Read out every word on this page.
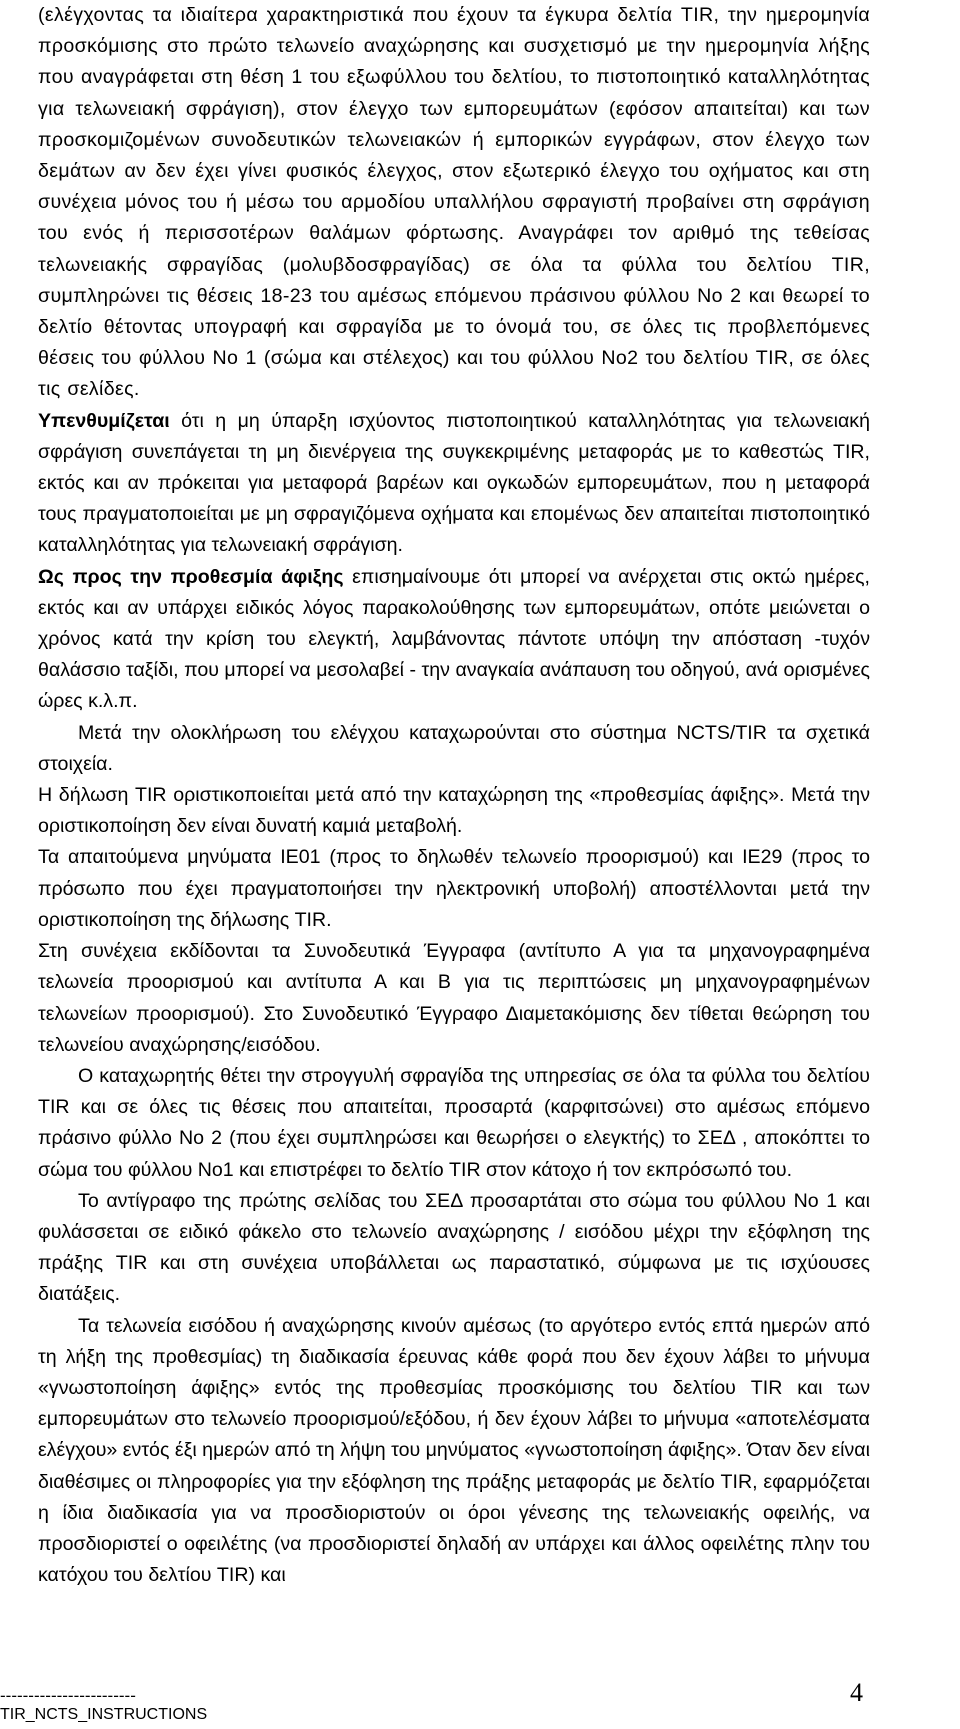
(ελέγχοντας τα ιδιαίτερα χαρακτηριστικά που έχουν τα έγκυρα δελτία TIR, την ημερομηνία προσκόμισης στο πρώτο τελωνείο αναχώρησης και συσχετισμό με την ημερομηνία λήξης που αναγράφεται στη θέση 1 του εξωφύλλου του δελτίου, το πιστοποιητικό καταλληλότητας για τελωνειακή σφράγιση), στον έλεγχο των εμπορευμάτων (εφόσον απαιτείται) και των προσκομιζομένων συνοδευτικών τελωνειακών ή εμπορικών εγγράφων, στον έλεγχο των δεμάτων αν δεν έχει γίνει φυσικός έλεγχος, στον εξωτερικό έλεγχο του οχήματος και στη συνέχεια μόνος του ή μέσω του αρμοδίου υπαλλήλου σφραγιστή προβαίνει στη σφράγιση του ενός ή περισσοτέρων θαλάμων φόρτωσης. Αναγράφει τον αριθμό της τεθείσας τελωνειακής σφραγίδας (μολυβδοσφραγίδας) σε όλα τα φύλλα του δελτίου TIR, συμπληρώνει τις θέσεις 18-23 του αμέσως επόμενου πράσινου φύλλου Νο 2 και θεωρεί το δελτίο θέτοντας υπογραφή και σφραγίδα με το όνομά του, σε όλες τις προβλεπόμενες θέσεις του φύλλου Νο 1 (σώμα και στέλεχος) και του φύλλου Νο2 του δελτίου TIR, σε όλες τις σελίδες.

Υπενθυμίζεται ότι η μη ύπαρξη ισχύοντος πιστοποιητικού καταλληλότητας για τελωνειακή σφράγιση συνεπάγεται τη μη διενέργεια της συγκεκριμένης μεταφοράς με το καθεστώς TIR, εκτός και αν πρόκειται για μεταφορά βαρέων και ογκωδών εμπορευμάτων, που η μεταφορά τους πραγματοποιείται με μη σφραγιζόμενα οχήματα και επομένως δεν απαιτείται πιστοποιητικό καταλληλότητας για τελωνειακή σφράγιση.

Ως προς την προθεσμία άφιξης επισημαίνουμε ότι μπορεί να ανέρχεται στις οκτώ ημέρες, εκτός και αν υπάρχει ειδικός λόγος παρακολούθησης των εμπορευμάτων, οπότε μειώνεται ο χρόνος κατά την κρίση του ελεγκτή, λαμβάνοντας πάντοτε υπόψη την απόσταση -τυχόν θαλάσσιο ταξίδι, που μπορεί να μεσολαβεί - την αναγκαία ανάπαυση του οδηγού, ανά ορισμένες ώρες κ.λ.π.

Μετά την ολοκλήρωση του ελέγχου καταχωρούνται στο σύστημα NCTS/TIR τα σχετικά στοιχεία.

Η δήλωση TIR οριστικοποιείται μετά από την καταχώρηση της «προθεσμίας άφιξης». Μετά την οριστικοποίηση δεν είναι δυνατή καμιά μεταβολή.

Τα απαιτούμενα μηνύματα IE01 (προς το δηλωθέν τελωνείο προορισμού) και IE29 (προς το πρόσωπο που έχει πραγματοποιήσει την ηλεκτρονική υποβολή) αποστέλλονται μετά την οριστικοποίηση της δήλωσης TIR.

Στη συνέχεια εκδίδονται τα Συνοδευτικά Έγγραφα (αντίτυπο Α για τα μηχανογραφημένα τελωνεία προορισμού και αντίτυπα Α και Β για τις περιπτώσεις μη μηχανογραφημένων τελωνείων προορισμού). Στο Συνοδευτικό Έγγραφο Διαμετακόμισης δεν τίθεται θεώρηση του τελωνείου αναχώρησης/εισόδου.

Ο καταχωρητής θέτει την στρογγυλή σφραγίδα της υπηρεσίας σε όλα τα φύλλα του δελτίου TIR και σε όλες τις θέσεις που απαιτείται, προσαρτά (καρφιτσώνει) στο αμέσως επόμενο πράσινο φύλλο Νο 2 (που έχει συμπληρώσει και θεωρήσει ο ελεγκτής) το ΣΕΔ , αποκόπτει το σώμα του φύλλου Νο1 και επιστρέφει το δελτίο TIR στον κάτοχο ή τον εκπρόσωπό του.

Το αντίγραφο της πρώτης σελίδας του ΣΕΔ προσαρτάται στο σώμα του φύλλου Νο 1 και φυλάσσεται σε ειδικό φάκελο στο τελωνείο αναχώρησης / εισόδου μέχρι την εξόφληση της πράξης TIR και στη συνέχεια υποβάλλεται ως παραστατικό, σύμφωνα με τις ισχύουσες διατάξεις.

Τα τελωνεία εισόδου ή αναχώρησης κινούν αμέσως (το αργότερο εντός επτά ημερών από τη λήξη της προθεσμίας) τη διαδικασία έρευνας κάθε φορά που δεν έχουν λάβει το μήνυμα «γνωστοποίηση άφιξης» εντός της προθεσμίας προσκόμισης του δελτίου TIR και των εμπορευμάτων στο τελωνείο προορισμού/εξόδου, ή δεν έχουν λάβει το μήνυμα «αποτελέσματα ελέγχου» εντός έξι ημερών από τη λήψη του μηνύματος «γνωστοποίηση άφιξης». Όταν δεν είναι διαθέσιμες οι πληροφορίες για την εξόφληση της πράξης μεταφοράς με δελτίο TIR, εφαρμόζεται η ίδια διαδικασία για να προσδιοριστούν οι όροι γένεσης της τελωνειακής οφειλής, να προσδιοριστεί ο οφειλέτης (να προσδιοριστεί δηλαδή αν υπάρχει και άλλος οφειλέτης πλην του κατόχου του δελτίου TIR) και

------------------------
TIR_NCTS_INSTRUCTIONS
4
